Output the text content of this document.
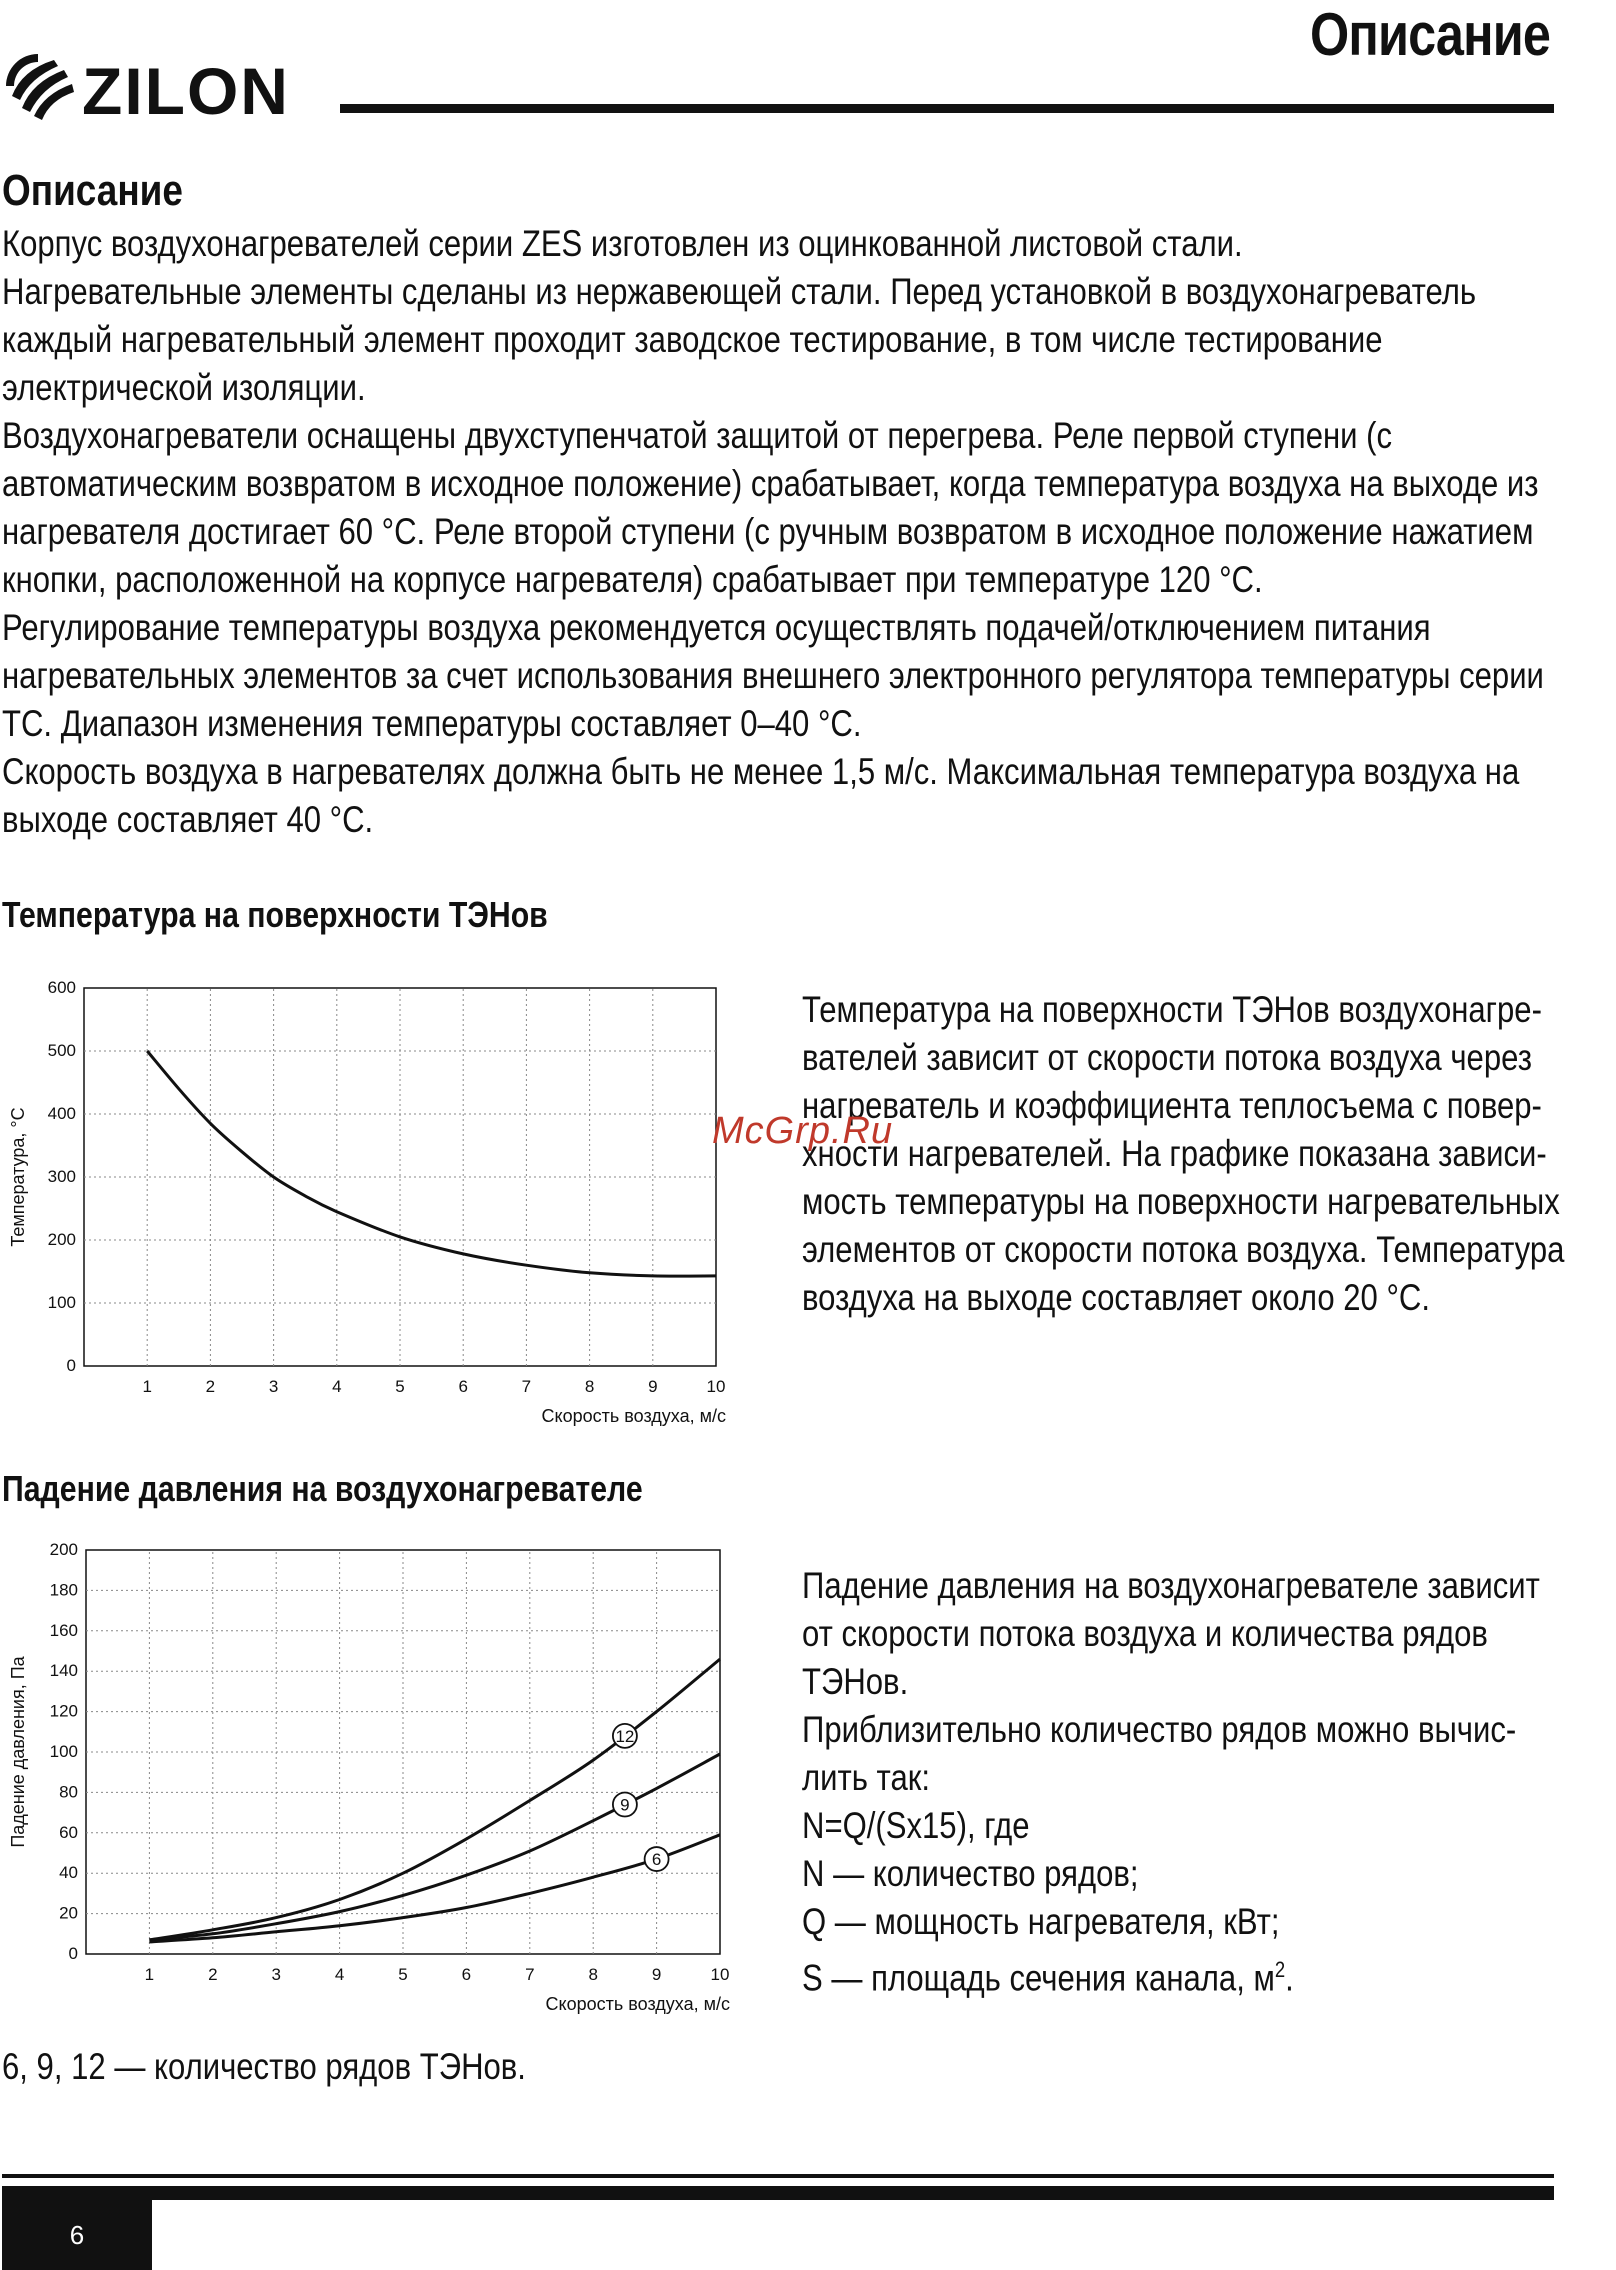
Описание
ZILON
Описание

Корпус воздухонагревателей серии ZES изготовлен из оцинкованной листовой стали.

Нагревательные элементы сделаны из нержавеющей стали. Перед установкой в воздухонагреватель каждый нагревательный элемент проходит заводское тестирование, в том числе тестирование электрической изоляции.

Воздухонагреватели оснащены двухступенчатой защитой от перегрева. Реле первой ступени (с автоматическим возвратом в исходное положение) срабатывает, когда температура воздуха на выходе из нагревателя достигает 60 °С. Реле второй ступени (с ручным возвратом в исходное положение нажатием кнопки, расположенной на корпусе нагревателя) срабатывает при температуре 120 °С.

Регулирование температуры воздуха рекомендуется осуществлять подачей/отключением питания нагревательных элементов за счет использования внешнего электронного регулятора температуры серии ТС. Диапазон изменения температуры составляет 0–40 °С.

Скорость воздуха в нагревателях должна быть не менее 1,5 м/с. Максимальная температура воздуха на выходе составляет 40 °С.

Температура на поверхности ТЭНов
0
100
200
300
400
500
600
1	2	3	4	5	6	7	8	9	10
Скорость воздуха, м/с
Температура, °С

Температура на поверхности ТЭНов воздухонагре-

вателей зависит от скорости потока воздуха через

нагреватель и коэффициента теплосъема с повер-

хности нагревателей. На графике показана зависи-

мость температуры на поверхности нагревательных

элементов от скорости потока воздуха. Температура

воздуха на выходе составляет около 20 °С.

McGrp.Ru
Падение давления на воздухонагревателе
0
20
40
60
80
100
120
140
160
180
200
1	2	3	4	5	6	7	8	9	10
Скорость воздуха, м/с
Падение давления, Па	12
9
6

Падение давления на воздухонагревателе зависит

от скорости потока воздуха и количества рядов

ТЭНов.

Приблизительно количество рядов можно вычис-

лить так:

N=Q/(Sx15), где

N — количество рядов;

Q — мощность нагревателя, кВт;

S — площадь сечения канала, $м^2$.

6, 9, 12 — количество рядов ТЭНов.
6
